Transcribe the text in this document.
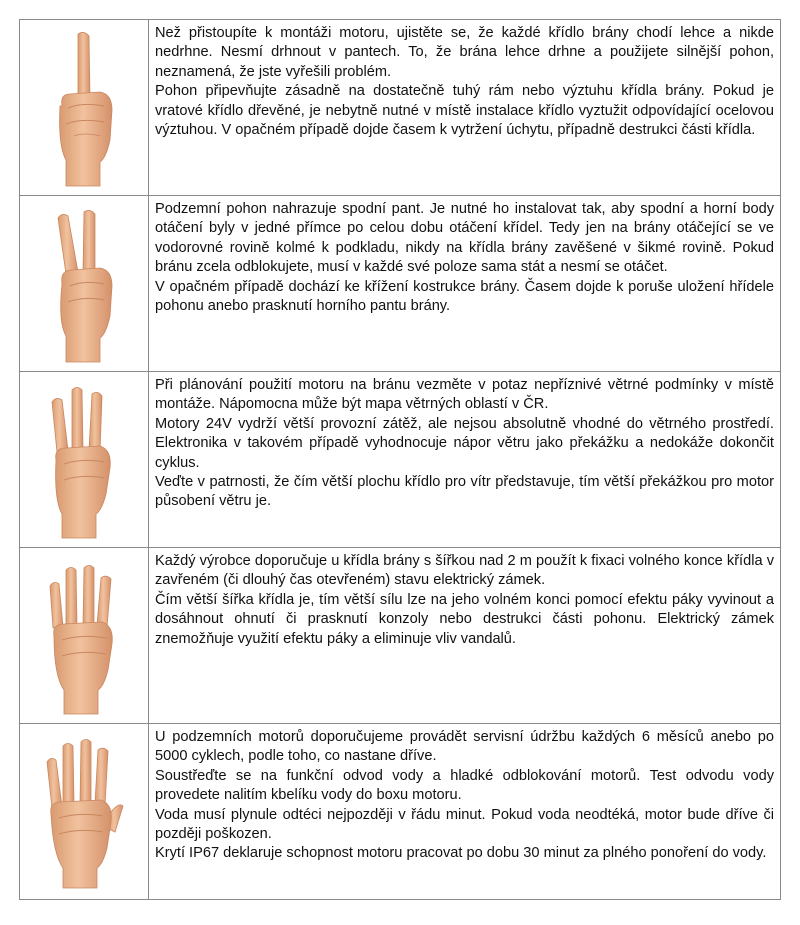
Než přistoupíte k montáži motoru, ujistěte se, že každé křídlo brány chodí lehce a nikde nedrhne. Nesmí drhnout v pantech. To, že brána lehce drhne a použijete silnější pohon, neznamená, že jste vyřešili problém.

Pohon připevňujte zásadně na dostatečně tuhý rám nebo výztuhu křídla brány. Pokud je vratové křídlo dřevěné, je nebytně nutné v místě instalace křídlo vyztužit odpovídající ocelovou výztuhou. V opačném případě dojde časem k vytržení úchytu, případně destrukci části křídla.

Podzemní pohon nahrazuje spodní pant. Je nutné ho instalovat tak, aby spodní a horní body otáčení byly v jedné přímce po celou dobu otáčení křídel. Tedy jen na brány otáčející se ve vodorovné rovině kolmé k podkladu, nikdy na křídla brány zavěšené v šikmé rovině. Pokud bránu zcela odblokujete, musí v každé své poloze sama stát a nesmí se otáčet.

V opačném případě dochází ke křížení kostrukce brány. Časem dojde k poruše uložení hřídele pohonu anebo prasknutí horního pantu brány.

Při plánování použití motoru na bránu vezměte v potaz nepříznivé větrné podmínky v místě montáže. Nápomocna může být mapa větrných oblastí v ČR.

Motory 24V vydrží větší provozní zátěž, ale nejsou absolutně vhodné do větrného prostředí. Elektronika v takovém případě vyhodnocuje nápor větru jako překážku a nedokáže dokončit cyklus.

Veďte v patrnosti, že čím větší plochu křídlo pro vítr představuje, tím větší překážkou pro motor působení větru je.

Každý výrobce doporučuje u křídla brány s šířkou nad 2 m použít k fixaci volného konce křídla v zavřeném (či dlouhý čas otevřeném) stavu elektrický zámek.

Čím větší šířka křídla je, tím větší sílu lze na jeho volném konci pomocí efektu páky vyvinout a dosáhnout ohnutí či prasknutí konzoly nebo destrukci části pohonu. Elektrický zámek znemožňuje využití efektu páky a eliminuje vliv vandalů.

U podzemních motorů doporučujeme provádět servisní údržbu každých 6 měsíců anebo po 5000 cyklech, podle toho, co nastane dříve.

Soustřeďte se na funkční odvod vody a hladké odblokování motorů. Test odvodu vody provedete nalitím kbelíku vody do boxu motoru.

Voda musí plynule odtéci nejpozději v řádu minut. Pokud voda neodtéká, motor bude dříve či později poškozen.

Krytí IP67 deklaruje schopnost motoru pracovat po dobu 30 minut za plného ponoření do vody.
